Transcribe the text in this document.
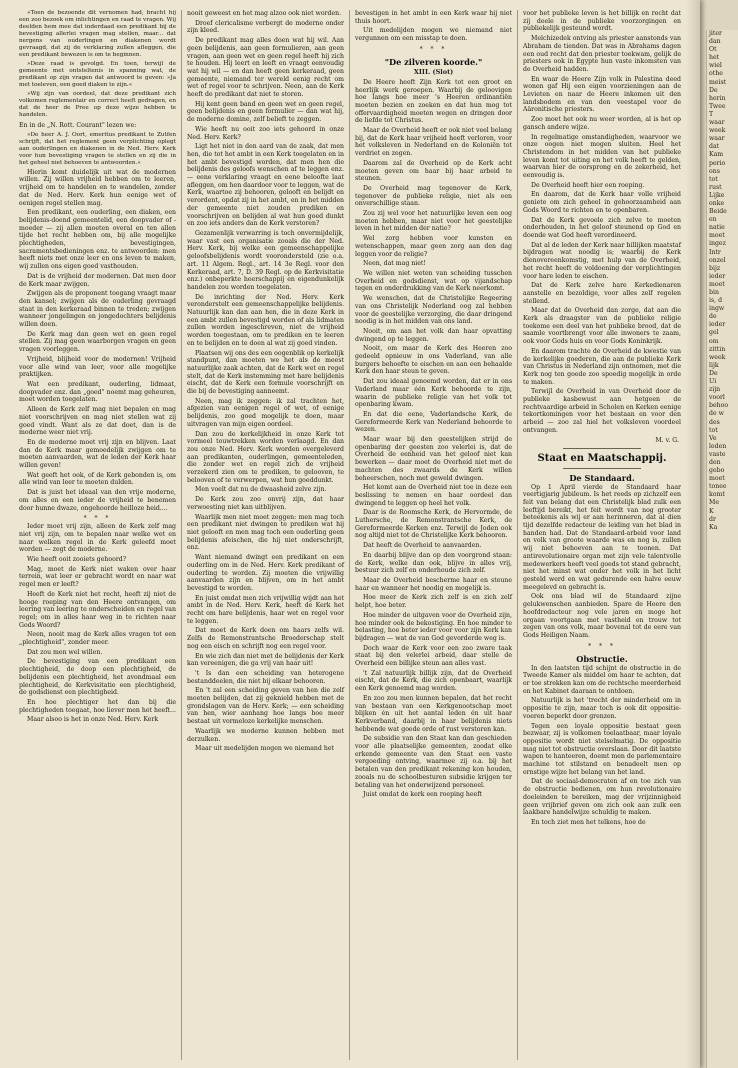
»Toen de bezoende dit vernomen had, bracht hij een zoo bezoek om inlichtingen en raad te vragen. Wij deelden hem mee dat inderdaad een predikant bij de bevestiging allerlei vragen mag stellen, maar... dat nergens van ouderlingen en diakenen wordt gevraagd, dat zij de verklaring zullen afleggen, die een predikant bewezen is om te beginnen.

»Deze raad is gevolgd. En toen, terwijl de gemeente met ontsteltenis in spanning wat, de predikant op zijn vragen dat antwoord te geven: »Ja met toeleven, een goed diaken te zijn.«

»Wij zijn van oordeel, dat deze predikant zich volkomen reglementair en correct heeft gedragen, en dat de heer de Pree op deze wijze hebben te handelen.

En in de „N. Rott. Courant" lezen we:

»De heer A. J. Oort, emeritus predikant te Zutfen schrijft, dat het reglement geen verplichting oplegt aan ouderlingen en diakenen in de Ned. Herv. Kerk voor hun bevestiging vragen te stellen en zij die in het geheel niet behoeven te antwoorden.«

Hierin komt duidelijk uit wat de modernen willen. Zij willen vrijheid hebben om te leeren, vrijheid om te handelen en te wandelen, zonder dat de Ned. Herv. Kerk hun eenige wet of eenigen regel stellen mag.

Een predikant, een ouderling, een diaken, een belijdenis-doend gemeentelid, een doopvader of -moeder — zij allen moeten overal en ten allen tijde het recht hebben om, bij alle mogelijke plechtigheden, bevestigingen, sacramentsbedieningen enz. te antwoorden: men heeft niets met onze leer en ons leven te maken, wij zullen ons eigen goed vasthouden.

Dat is de vrijheid der modernen. Dat men door de Kerk maar zwijgen.

Zwijgen als de proponent toegang vraagt maar den kansel; zwijgen als de ouderling gevraagd staat in den kerkeraad binnen te treden; zwijgen wanneer jongelingen en jongedochters belijdenis willen doen.

De Kerk mag dan geen wet en geen regel stellen. Zij mag geen waarborgen vragen en geen vragen voorleggen.

Vrijheid, blijheid voor de modernen! Vrijheid voor alle wind van leer, voor alle mogelijke praktijken.

Wat een predikant, ouderling, lidmaat, doopvader enz. dan „goed" noemt mag geheuren, moet worden toegelaten.

Alleen de Kerk zelf mag niet bepalen en mag niet voorschrijven en mag niet stellen wat zij goed vindt. Want als ze dat doet, dan is de moderne weer niet vrij.

En de moderne moet vrij zijn en blijven. Laat dan de Kerk maar gemoedelijk zwijgen om te moeten aanvaarden, wat de leden der Kerk haar willen geven!

Wat geeft het ook, of de Kerk gebonden is, om alle wind van leer te moeten dulden.

Dat is juist het ideaal van den vrije moderne, om alles en een ieder de vrijheid te benemen door hunne dwaze, ongehoorde heilloze heid....

* * *

Ieder moet vrij zijn, alleen de Kerk zelf mag niet vrij zijn, om te bepalen naar welke wet en naar welken regel in de Kerk geleefd moet worden — zegt de moderne.

Wie heeft ooit zooiets gehoord?

Mag, moet de Kerk niet waken over haar terrein, wat leer er gebracht wordt en naar wat regel men er leeft?

Heeft de Kerk niet het recht, heeft zij niet de hooge roeping van den Heere ontvangen, om leering van leering te onderscheiden en regel van regel; om in alles haar weg in te richten naar Gods Woord?

Neen, nooit mag de Kerk alles vragen tot een „plechtigheid", zonder meer.

Dat zou men wel willen.

De bevestiging van een predikant een plechtigheid, de doop een plechtigheid, de belijdenis een plechtigheid, het avondmaal een plechtigheid, de Kerkvisitatie een plechtigheid, de godsdienst een plechtigheid.

En hoe plechtiger het dan bij die plechtigheden toegaat, hoe liever men het heeft...

Maar alsoo is het in onze Ned. Herv. Kerk

nooit geweest en het mag alzoo ook niet worden.

Droef clericalisme verbergt de moderne onder zijn kleed.

De predikant mag alles doen wat hij wil. Aan geen belijdenis, aan geen formulieren, aan geen vragen, aan geen wet en geen regel heeft hij zich te houden. Hij leert en leeft en vraagt eenvoudig wat hij wil — en dan heeft geen kerkeraad, geen gemeente, niemand ter wereld eenig recht om wet of regel voor te schrijven. Neen, aan de Kerk heeft de predikant dat niet te storen.

Hij kent geen band en geen wet en geen regel, geen belijdenis en geen formulier — dan wat hij, de moderne domine, zelf belieft te zeggen.

Wie heeft nu ooit zoo iets gehoord in onze Ned. Herv. Kerk?

Ligt het niet in den aard van de zaak, dat men hen, die tot het ambt in een Kerk toegelaten en in het ambt bevestigd worden, dat men hen die belijdenis des geloofs wenschen af te leggen enz. — eene verklaring vraagt en eene beloofte laat afleggen, om hen daardoor voor te leggen, wat de Kerk, waartoe zij behooren, gelooft en belijdt en verordent, opdat zij in het ambt, en in het midden der gemeente niet zouden prediken en voorschrijven en belijden al wat hun goed dunkt en zoo iets anders dan de Kerk verstoren?

Gezamenlijk verwarring is toch onvermijdelijk, waar vast een organisatie zooals die der Ned. Herv. Kerk, bij welke een gemeenschappelijke geloofsbelijdenis wordt voorondersteld (zie o.a. art. 11 Algem. Regl., art. 14 3e Regl. voor den Kerkeraad, art. 7, D. 39 Regl. op de Kerkvisitatie enz.) onbeperkte heerschappij en eigendunkelijk handelen zou worden toegelaten.

De inrichting der Ned. Herv. Kerk veronderstelt een gemeenschappelijke belijdenis. Natuurlijk kan dan aan hen, die in deze Kerk in een ambt zullen bevestigd worden of als lidmaten zullen worden ingeschreven, niet de vrijheid worden toegestaan, om te prediken en te leeren en te belijden en te doen al wat zij goed vinden.

Plaatsen wij ons des een oogenblik op kerkelijk standpunt, dan moeten we het als de meest natuurlijke zaak achten, dat de Kerk wet en regel stelt, dat de Kerk instemming met hare belijdenis eischt, dat de Kerk een formule voorschrijft en die bij de bevestiging aanneemt.

Neen, mag ik zeggen: ik zal trachten het, afgezien van eenigen regel of wet, of eenige belijdenis, zoo goed mogelijk te doen, maar uitvragen van mijn eigen oordeel.

Dan zou de kerkelijkheid in onze Kerk tot vormeel touwtrekken worden verlaagd. En dan zou onze Ned. Herv. Kerk worden overgeleverd aan predikanten, ouderlingen, gemeenteleden, die zonder wet en regel zich de vrijheid verzekerd zien om te prediken, te gelooven, te belooven of te verwerpen, wat hun goeddunkt.

Men voelt dat nu de dwaasheid zelve zijn.

De Kerk zou zoo onvrij zijn, dat haar verwoesting niet kan uitblijven.

Waarlijk men niet moet zeggen: men mag toch een predikant niet dwingen te prediken wat hij niet gelooft en men mag toch een ouderling geen belijdenis afeischen, die hij niet onderschrijft, enz.

Want niemand dwingt een predikant en een ouderling om in de Ned. Herv. Kerk predikant of ouderling te worden. Zij moeten die vrijwillig aanvaarden zijn en blijven, om in het ambt bevestigd te worden.

En juist omdat men zich vrijwillig wijdt aan het ambt in de Ned. Herv. Kerk, heeft de Kerk het recht om hare belijdenis, haar wet en regel voor te leggen.

Dat moet de Kerk doen om haars zelfs wil. Zelfs de Remonstrantsche Broederschap stelt nog een eisch en schrijft nog een regel voor.

En wie zich dan niet met de belijdenis der Kerk kan vereenigen, die ga vrij van haar uit!

't Is dan een scheiding van heterogene bestanddeelen, die niet bij elkaar behooren.

En 't zal een scheiding geven van hen die zelf moeten belijden, dat zij geknield hebben met de grondslagen van de Herv. Kerk; — een scheiding van hen, wier aanhang hoe langs hoe meer bestaat uit vormeloze kerkelijke menschen.

Waarlijk we moderne kunnen hebben met derzulken.

Maar uit medelijden mogen we niemand het

bevestigen in het ambt in een Kerk waar hij niet thuis hoort.

Uit medelijden mogen we niemand niet vergunnen om een misstap te doen.

* * *
"De zilveren koorde."
XIII. (Slot)

De Heere heeft Zijn Kerk tot een groot en heerlijk werk geroepen. Waarbij de geloovigen hoe langs hoe meer 's Heeren ordinantiën moeten bezien en zoeken en dat hun mog tot offervaardigheid moeten wegen en dringen door de liefde tot Christus.

Maar de Overheid heeft er ook niet veel belang bij, dat de Kerk haar vrijheid heeft verloren, voor het volksleven in Nederland en de Koloniën tot verdriet en zegen.

Daarom zal de Overheid op de Kerk acht moeten geven om haar bij haar arbeid te steunen.

De Overheid mag tegenover de Kerk, tegenover de publieke religie, niet als een onverschillige staan.

Zou zij wel voor het natuurlijke leven een oog moeten hebben, maar niet voor het geestelijke leven in het midden der natie?

Wel zorg hebben voor kunsten en wetenschappen, maar geen zorg aan den dag leggen voor de religie?

Neen, dat mag niet!

We willen niet weten van scheiding tusschen Overheid en godsdienst, wat op vijandschap tegen en onderdrukking van de Kerk neerkomt.

We wenschen, dat de Christelijke Regeering van ons Christelijk Nederland oog zal hebben voor de geestelijke verzorging, die daar dringend noodig is in het midden van ons land.

Nooit, om aan het volk dan haar opvatting dwingend op te leggen.

Nooit, om maar de Kerk des Heeren zoo gedeeld opnieuw in ons Vaderland, van alle burgers behoefte te eischen en aan een behaalde Kerk den haar steun te geven.

Dat zou ideaal genoemd worden, dat er in ons Vaderland maar één Kerk behoorde te zijn, waarin de publieke religie van het volk tot openbaring kwam.

En dat die eene, Vaderlandsche Kerk, de Gereformeerde Kerk van Nederland behoorde te wezen.

Maar waar bij den geestelijken strijd de openbaring der geesten zoo velerlei is, dat de Overheid de eenheid van het geloof niet kan bewerken — daar moet de Overheid niet met de machten des zwaards de Kerk willen beheerschen, noch met geweld dwingen.

Het komt aan de Overheid niet toe in deze een beslissing te nemen en haar oordeel dan dwingend te leggen op heel het volk.

Daar is de Roomsche Kerk, de Hervormde, de Luthersche, de Remonstrantsche Kerk, de Gereformeerde Kerken enz. Terwijl de Joden ook nog altijd niet tot de Christelijke Kerk behooren.

Dat heeft de Overheid te aanvaarden.

En daarbij blijve dan op den voorgrond staan: de Kerk, welke dan ook, blijve in alles vrij, bestuur zich zelf en onderhoude zich zelf.

Maar de Overheid bescherme haar en steune haar en wanneer het noodig en mogelijk is.

Hoe meer de Kerk zich zelf is en zich zelf helpt, hoe beter.

Hoe minder de uitgaven voor de Overheid zijn, hoe minder ook de bekostiging. En hoe minder te belasting, hoe beter ieder voor voor zijn Kerk kan bijdragen — wat de van God gevorderde weg is.

Doch waar de Kerk voor een zoo zware taak staat bij den velerlei arbeid, daar stelle de Overheid een billijke steun aan alles vast.

't Zal natuurlijk billijk zijn, dat de Overheid eischt, dat de Kerk, die zich openbaart, waarlijk een Kerk genoemd mag worden.

En zoo zou men kunnen bepalen, dat het recht van bestaan van een Kerkgenootschap moet blijken én uit het aantal leden én uit haar Kerkverband, daarbij in haar belijdenis niets hebbende wat goede orde of rust verstoren kan.

De subsidie van den Staat kan dan geschieden voor alle plaatselijke gemeenten, zoodat elke erkende gemeente van den Staat een vaste vergoeding ontving, waarmee zij o.a. bij het betalen van den predikant rekening kon houden, zooals nu de schoolbesturen subsidie krijgen ter betaling van het onderwijzend personeel.

Juist omdat de kerk een roeping heeft

voor het publieke leven is het billijk en recht dat zij deele in de publieke voorzorgingen en publiekelijk gesteund wordt.

Melchizedek ontving als priester aanstonds van Abraham de tienden. Dat was in Abrahams dagen een oud recht dat den priester toekwam, gelijk de priesters ook in Egypte hun vaste inkomsten van de Overheid hadden.

En waar de Heere Zijn volk in Palestina deed wonen gaf Hij een eigen voorzieningen aan de Levieten en naar de Heere inkomen uit den landsbodem en van den veestapel voor de Aäronitische priesters.

Zoo moet het ook nu weer worden, al is het op gansch andere wijze.

In regelmatige omstandigheden, waarvoor we onze oogen niet mogen sluiten. Heel het Christendom in het midden van het publieke leven komt tot uiting en het volk heeft te gelden, waarvan hier de oorsprong en de zekerheid, het eenvoudig is.

De Overheid heeft hier een roeping.

En daarom, dat de Kerk haar volle vrijheid geniete om zich geheel in gehoorzaamheid aan Gods Woord te richten en te openbaren.

Dat de Kerk gevoele zich zelve te moeten onderhouden, in het geloof steunend op God en doende wat God heeft verordineerd.

Dat al de leden der Kerk naar billijken maatstaf bijdragen wat noodig is; waarbij de Kerk dienovereenkomstig, met hulp van de Overheid, het recht heeft de voldoening der verplichtingen voor hare leden te eischen.

Dat de Kerk zelve hare Kerkedienaren aanstelle en bezoldige, voor alles zelf regelen stellend.

Maar dat de Overheid dan zorge, dat aan die Kerk als draagster van de publieke religie toekome een deel van het publieke brood, dat de saamle voortbrengt voor alle inwoners te zaam, ook voor Gods huis en voor Gods Koninkrijk.

En daarom trachte de Overheid de kwestie van de kerkelijke goederen, die aan de publieke Kerk van Christus in Nederland zijn ontnomen, met die Kerk nog ten goede zoo spoedig mogelijk in orde te maken.

Terwijl de Overheid in van Overheid door de publieke kasbewust aan hetgeen de rechtvaardige arbeid in Scholen en Kerken eenige tekortkomingen voor het bestaan en voor den arbeid — zoo zal hiel het volksleven voordeel ontvangen.

M. v. G.
Staat en Maatschappij.
De Standaard.

Op 1 April vierde de Standaard haar veertigjarig jubileum. Is het reeds op zichzelf een feit van belang dat een Christelijk blad zulk een leeftijd bereikt, het feit wordt van nog grooter beteekenis als wij er aan herinneren, dat al dien tijd dezelfde redacteur de leiding van het blad in handen had. Dat de Standaard-arbeid voor land en volk van groote waarde was en nog is, zullen wij niet behoeven aan te toonen. Dat antirevolutionaire organ met zijn vele talentvolle medewerkers heeft veel goeds tot stand gebracht, niet het minst wat onder het volk in het licht gesteld werd en wat gedurende een halve eeuw meegelevd en gebracht is.

Ook ons blad wil de Standaard zijne gelukwenschen aanbieden. Spare de Heere den hoofdredacteur nog vele jaren en moge het orgaan voortgaan met vastheid en trouw tot zegen van ons volk, maar bovenal tot de eere van Gods Heiligen Naam.

* * *
Obstructie.

In den laatsten tijd schijnt de obstructie in de Tweede Kamer als middel om haar te achten, dat er toe strekken kan om de rechtsche meerderheid en het Kabinet daaraan te ontdoen.

Natuurlijk is het 'trecht der minderheid om in oppositie te zijn, maar toch is ook dit oppositie-voeren beperkt door grenzen.

Tegen een loyale oppositie bestaat geen bezwaar, zij is volkomen toelaatbaar, maar loyale oppositie wordt niet stelselmatig. De oppositie mag niet tot obstructie overslaan. Door dit laatste wapen te hanteeren, doemt men de parlementaire machine tot stilstand en benadeelt men op ernstige wijze het belang van het land.

Dat de sociaal-democraten af en toe zich van de obstructie bedienen, om hun revolutionaire doeleinden te bereiken, mag der vrijzinnigheid geen vrijbrief geven om zich ook aan zulk een laakbare handelwijze schuldig te maken.

En toch ziet men het telkens, hoe de

jiter
dan
Ot
het
wiel
othe
meist
De
herin
Twee
T
waar
week
waar
dat
Kam
perio
ons
tot
rust
Lijke
onke
Beide
en
natie
moet
ingez
Intr
onzel
bijz
ieder
moet
bin
is, d
ingw
de
ieder
gel
om
zittin
week
lijk
De
Ui
zijn
voorl
behoo
de w
des
tot
Ve
leden
vaste
den
gebo
moet
tonee
komt
Me
K
dr
Ka
